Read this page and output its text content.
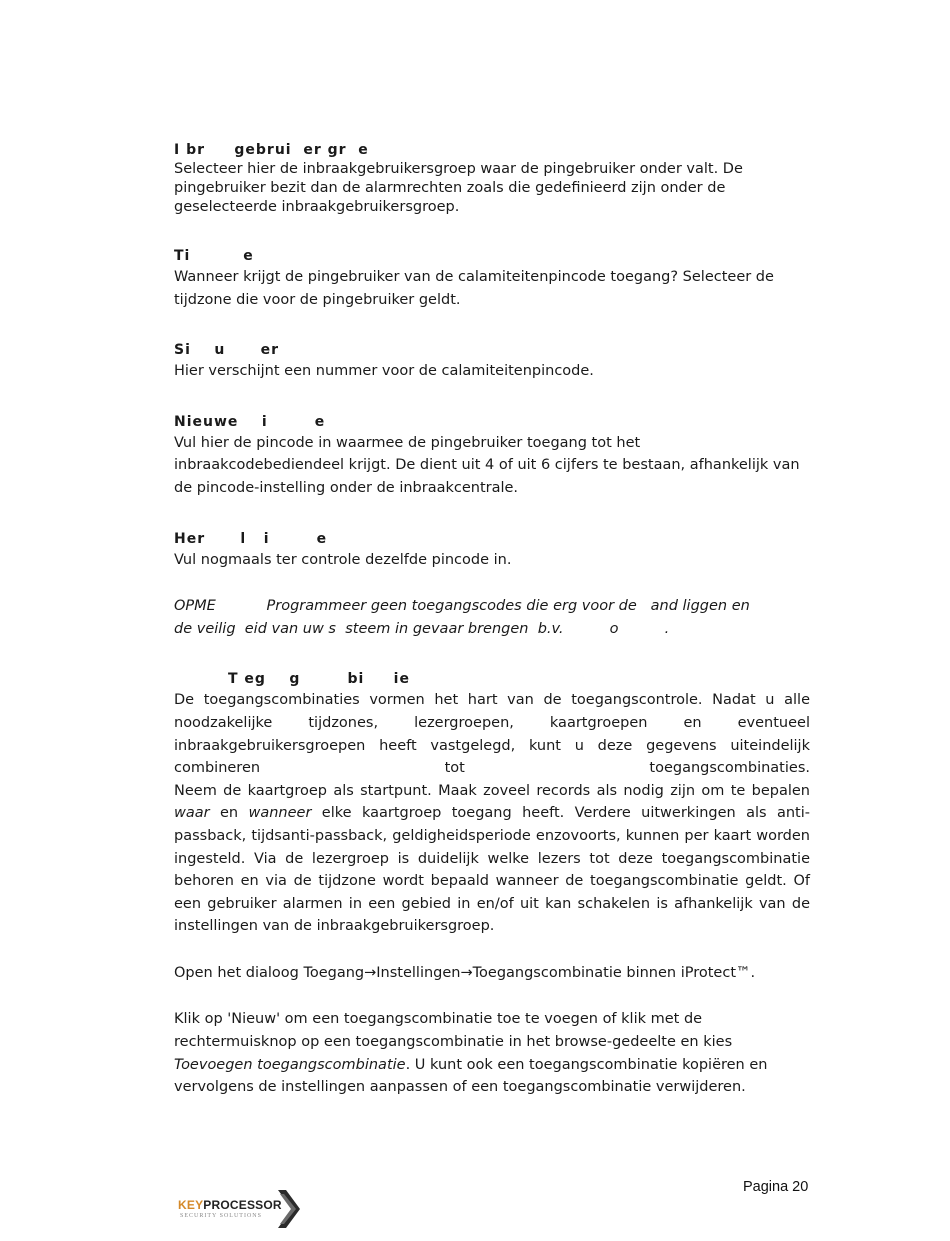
I br     gebrui  er gr  e

Selecteer hier de inbraakgebruikersgroep waar de pingebruiker onder valt. De pingebruiker bezit dan de alarmrechten zoals die gedefinieerd zijn onder de geselecteerde inbraakgebruikersgroep.

Ti         e

Wanneer krijgt de pingebruiker van de calamiteitenpincode toegang? Selecteer de tijdzone die voor de pingebruiker geldt.

Si    u      er

Hier verschijnt een nummer voor de calamiteitenpincode.

Nieuwe    i        e

Vul hier de pincode in waarmee de pingebruiker toegang tot het inbraakcodebediendeel krijgt. De dient uit 4 of uit 6 cijfers te bestaan, afhankelijk van de pincode-instelling onder de inbraakcentrale.

Her      l   i        e

Vul nogmaals ter controle dezelfde pincode in.

OPME           Programmeer geen toegangscodes die erg voor de   and liggen en

de veilig  eid van uw s  steem in gevaar brengen  b.v.          o          .

T eg    g        bi     ie

De toegangscombinaties vormen het hart van de toegangscontrole. Nadat u alle noodzakelijke tijdzones, lezergroepen, kaartgroepen en eventueel inbraakgebruikersgroepen heeft vastgelegd, kunt u deze gegevens uiteindelijk

combineren	tot	toegangscombinaties.

Neem de kaartgroep als startpunt. Maak zoveel records als nodig zijn om te bepalen waar en wanneer elke kaartgroep toegang heeft. Verdere uitwerkingen als anti-passback, tijdsanti-passback, geldigheidsperiode enzovoorts, kunnen per kaart worden ingesteld. Via de lezergroep is duidelijk welke lezers tot deze toegangscombinatie behoren en via de tijdzone wordt bepaald wanneer de toegangscombinatie geldt. Of een gebruiker alarmen in een gebied in en/of uit kan schakelen is afhankelijk van de instellingen van de inbraakgebruikersgroep.

Open het dialoog Toegang→Instellingen→Toegangscombinatie binnen iProtect™.

Klik op 'Nieuw' om een toegangscombinatie toe te voegen of klik met de rechtermuisknop op een toegangscombinatie in het browse-gedeelte en kies Toevoegen toegangscombinatie. U kunt ook een toegangscombinatie kopiëren en vervolgens de instellingen aanpassen of een toegangscombinatie verwijderen.

Pagina 20
KEYPROCESSOR
SECURITY SOLUTIONS
